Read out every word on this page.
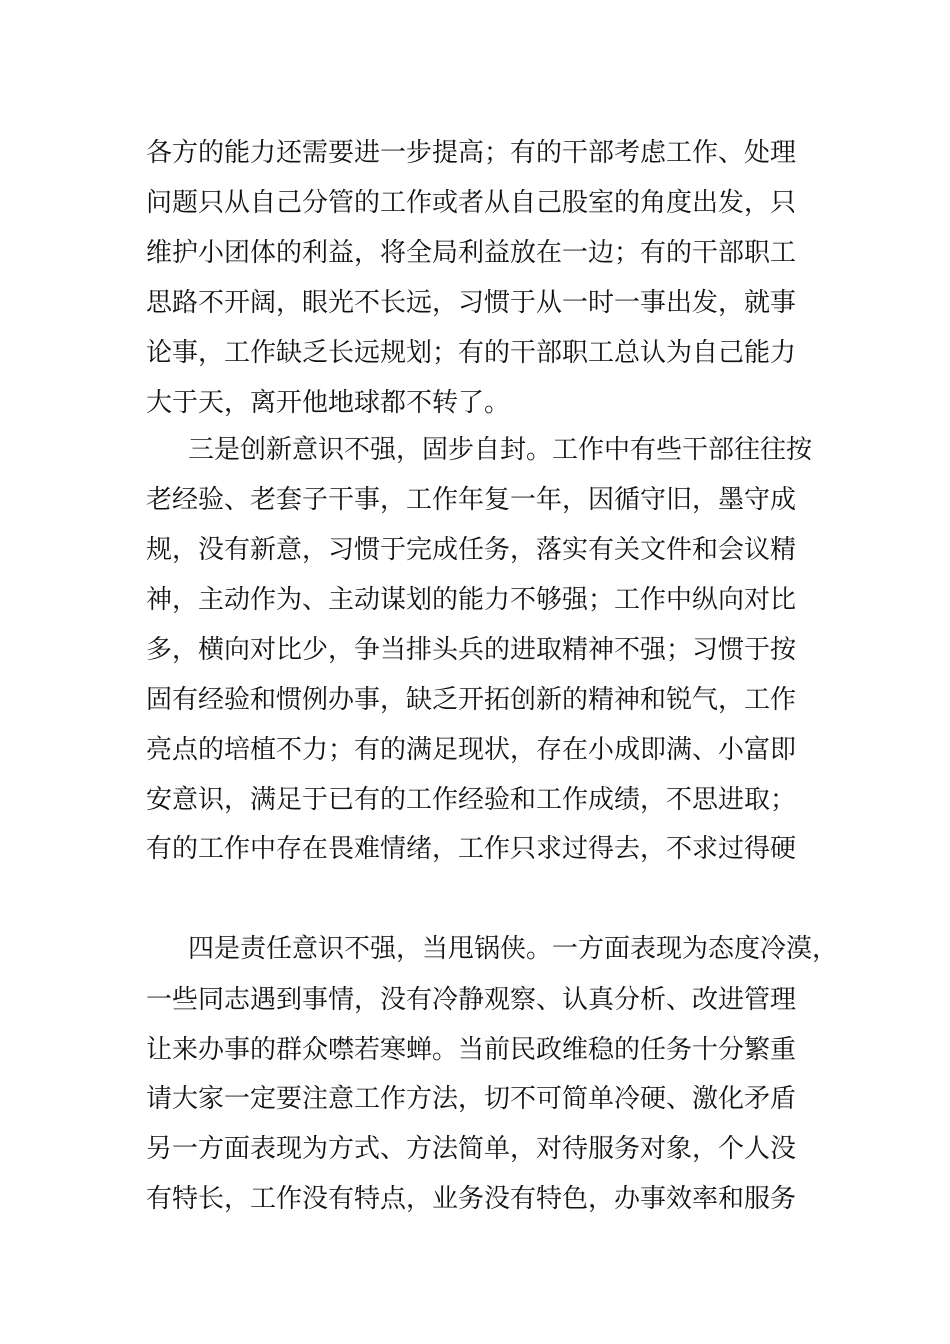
各方的能力还需要进一步提高；有的干部考虑工作、处理
问题只从自己分管的工作或者从自己股室的角度出发，只
维护小团体的利益，将全局利益放在一边；有的干部职工
思路不开阔，眼光不长远，习惯于从一时一事出发，就事
论事，工作缺乏长远规划；有的干部职工总认为自己能力
大于天，离开他地球都不转了。
三是创新意识不强，固步自封。工作中有些干部往往按
老经验、老套子干事，工作年复一年，因循守旧，墨守成
规，没有新意，习惯于完成任务，落实有关文件和会议精
神，主动作为、主动谋划的能力不够强；工作中纵向对比
多，横向对比少，争当排头兵的进取精神不强；习惯于按
固有经验和惯例办事，缺乏开拓创新的精神和锐气，工作
亮点的培植不力；有的满足现状，存在小成即满、小富即
安意识，满足于已有的工作经验和工作成绩，不思进取；
有的工作中存在畏难情绪，工作只求过得去，不求过得硬
四是责任意识不强，当甩锅侠。一方面表现为态度冷漠，
一些同志遇到事情，没有冷静观察、认真分析、改进管理
让来办事的群众噤若寒蝉。当前民政维稳的任务十分繁重
请大家一定要注意工作方法，切不可简单冷硬、激化矛盾
另一方面表现为方式、方法简单，对待服务对象，个人没
有特长，工作没有特点，业务没有特色，办事效率和服务
